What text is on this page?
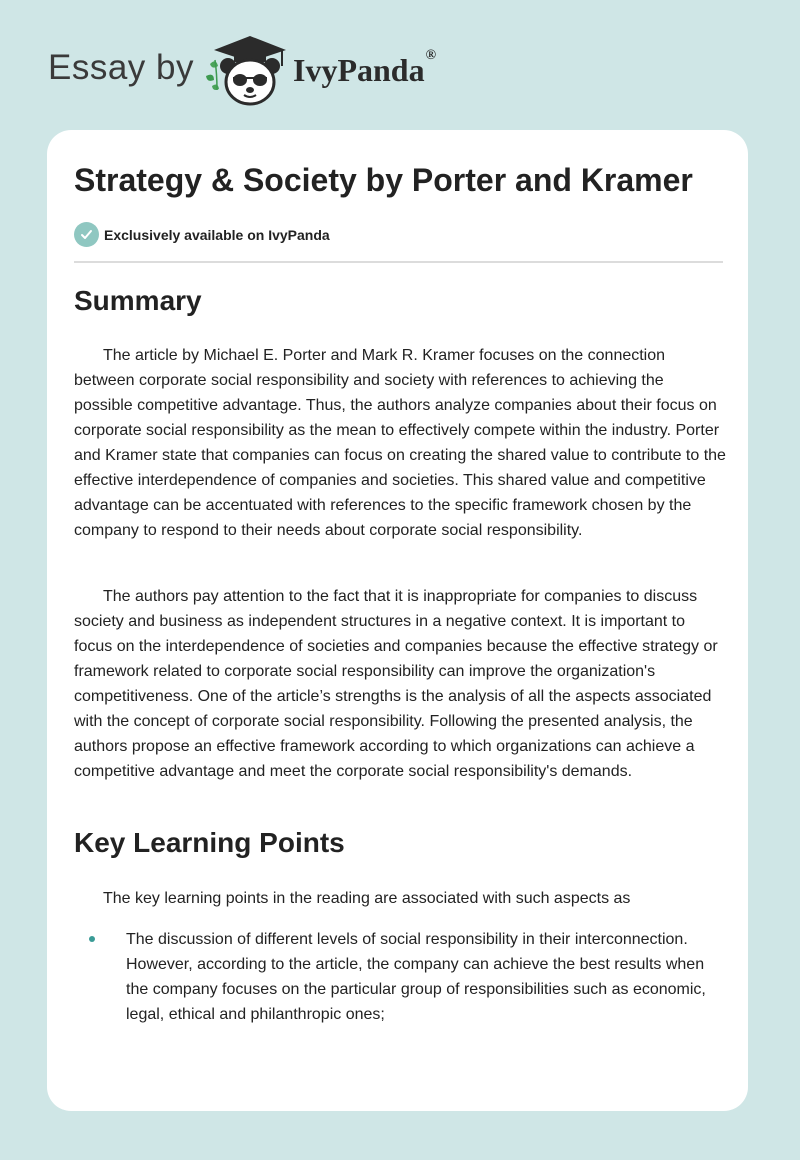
Essay by	IvyPanda®
Strategy & Society by Porter and Kramer
Exclusively available on IvyPanda
Summary

The article by Michael E. Porter and Mark R. Kramer focuses on the connection between corporate social responsibility and society with references to achieving the possible competitive advantage. Thus, the authors analyze companies about their focus on corporate social responsibility as the mean to effectively compete within the industry. Porter and Kramer state that companies can focus on creating the shared value to contribute to the effective interdependence of companies and societies. This shared value and competitive advantage can be accentuated with references to the specific framework chosen by the company to respond to their needs about corporate social responsibility.

The authors pay attention to the fact that it is inappropriate for companies to discuss society and business as independent structures in a negative context. It is important to focus on the interdependence of societies and companies because the effective strategy or framework related to corporate social responsibility can improve the organization's competitiveness. One of the article’s strengths is the analysis of all the aspects associated with the concept of corporate social responsibility. Following the presented analysis, the authors propose an effective framework according to which organizations can achieve a competitive advantage and meet the corporate social responsibility's demands.

Key Learning Points

The key learning points in the reading are associated with such aspects as

The discussion of different levels of social responsibility in their interconnection. However, according to the article, the company can achieve the best results when the company focuses on the particular group of responsibilities such as economic, legal, ethical and philanthropic ones;
